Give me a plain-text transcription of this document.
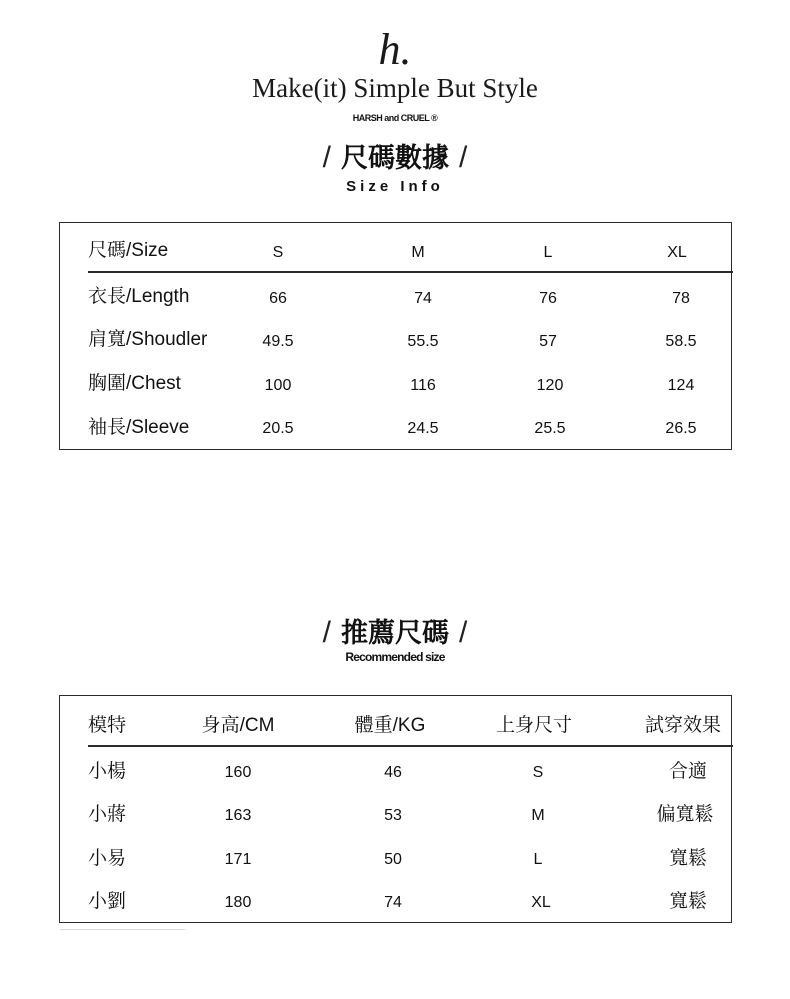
h.
Make(it) Simple But Style
HARSH and CRUEL ®
/ 尺碼數據 /
Size Info
尺碼/Size	S	M	L	XL
衣長/Length	66	74	76	78
肩寬/Shoudler	49.5	55.5	57	58.5
胸圍/Chest	100	116	120	124
袖長/Sleeve	20.5	24.5	25.5	26.5
/ 推薦尺碼 /
Recommended size
模特	身高/CM	體重/KG	上身尺寸	試穿效果
小楊	160	46	S	合適
小蔣	163	53	M	偏寬鬆
小易	171	50	L	寬鬆
小劉	180	74	XL	寬鬆
